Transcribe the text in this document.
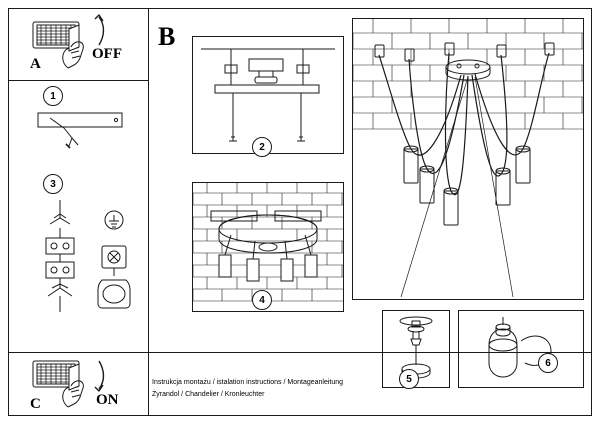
A
OFF
1
3
C	ON
B
2
4
5
6
Instrukcja montażu / istalation instructions / Montageanleitung
Żyrandol / Chandelier / Kronleuchter
